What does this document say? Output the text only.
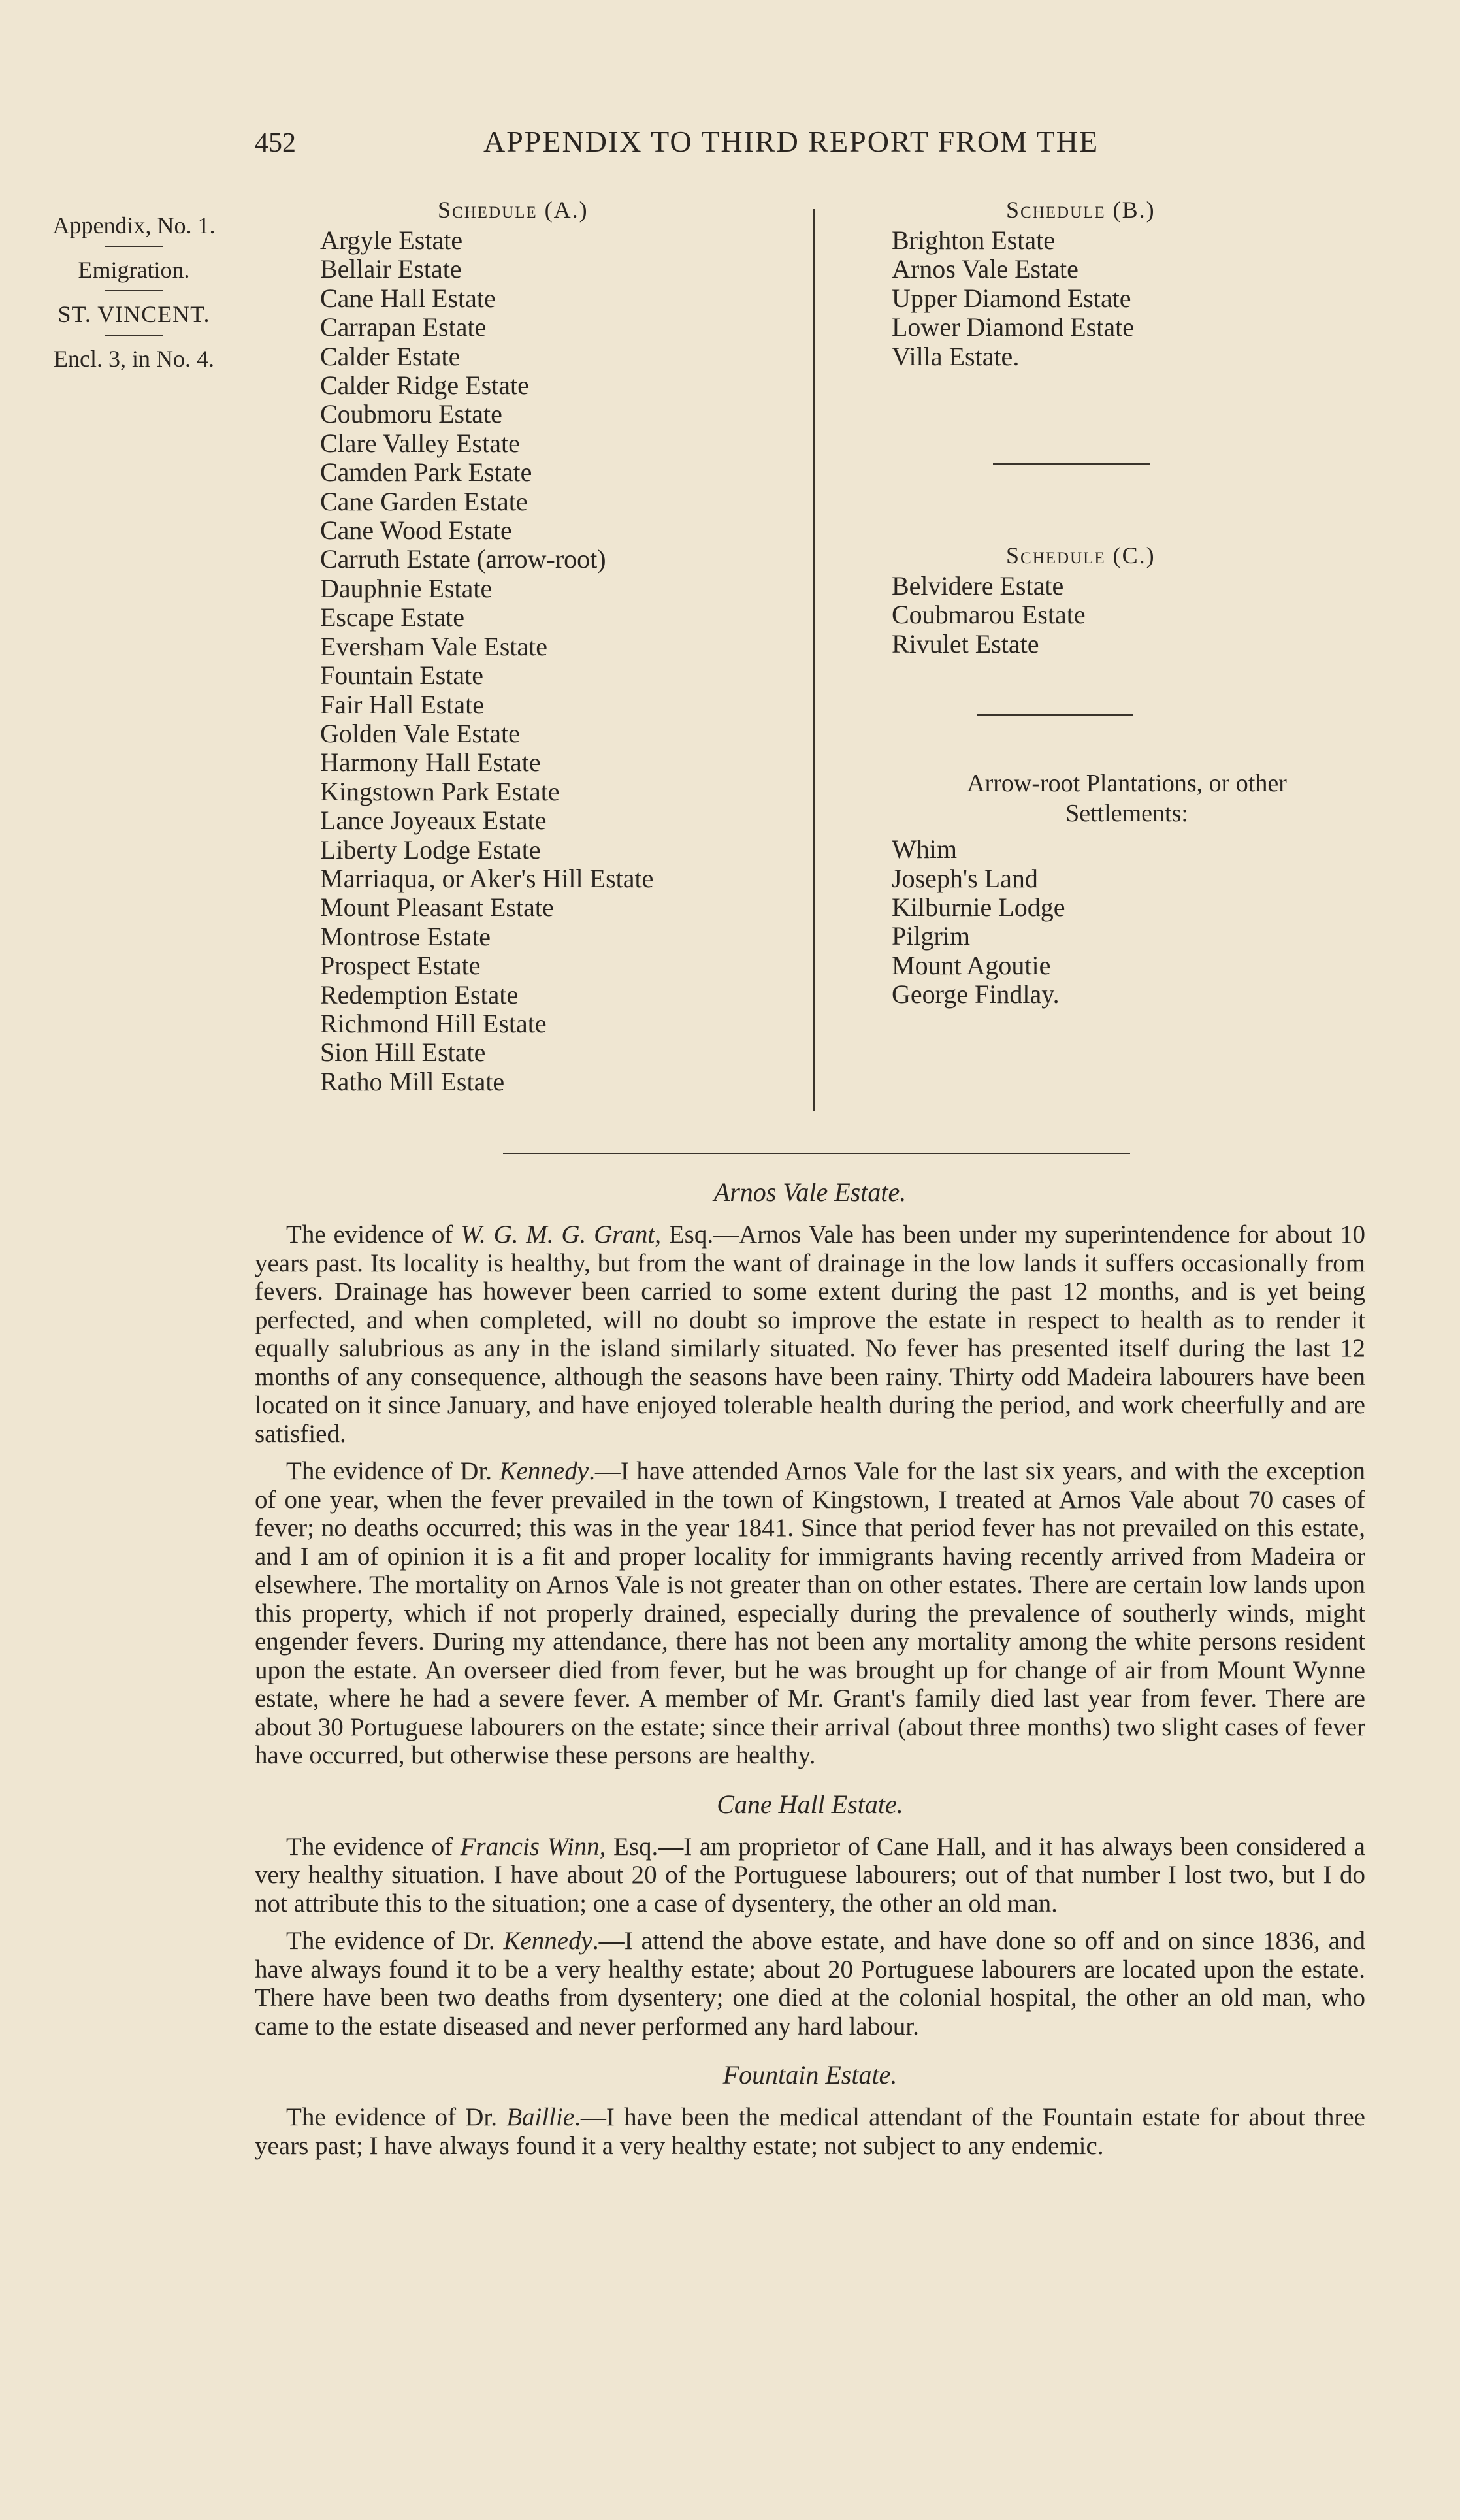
452	APPENDIX TO THIRD REPORT FROM THE
Appendix, No. 1.
Emigration.
ST. VINCENT.
Encl. 3, in No. 4.
Schedule (A.)
Argyle Estate
Bellair Estate
Cane Hall Estate
Carrapan Estate
Calder Estate
Calder Ridge Estate
Coubmoru Estate
Clare Valley Estate
Camden Park Estate
Cane Garden Estate
Cane Wood Estate
Carruth Estate (arrow-root)
Dauphnie Estate
Escape Estate
Eversham Vale Estate
Fountain Estate
Fair Hall Estate
Golden Vale Estate
Harmony Hall Estate
Kingstown Park Estate
Lance Joyeaux Estate
Liberty Lodge Estate
Marriaqua, or Aker's Hill Estate
Mount Pleasant Estate
Montrose Estate
Prospect Estate
Redemption Estate
Richmond Hill Estate
Sion Hill Estate
Ratho Mill Estate
Schedule (B.)
Brighton Estate
Arnos Vale Estate
Upper Diamond Estate
Lower Diamond Estate
Villa Estate.
Schedule (C.)
Belvidere Estate
Coubmarou Estate
Rivulet Estate
Arrow-root Plantations, or other
Settlements:
Whim
Joseph's Land
Kilburnie Lodge
Pilgrim
Mount Agoutie
George Findlay.
Arnos Vale Estate.

The evidence of W. G. M. G. Grant, Esq.—Arnos Vale has been under my superintendence for about 10 years past. Its locality is healthy, but from the want of drainage in the low lands it suffers occasionally from fevers. Drainage has however been carried to some extent during the past 12 months, and is yet being perfected, and when completed, will no doubt so improve the estate in respect to health as to render it equally salubrious as any in the island similarly situated. No fever has presented itself during the last 12 months of any consequence, although the seasons have been rainy. Thirty odd Madeira labourers have been located on it since January, and have enjoyed tolerable health during the period, and work cheerfully and are satisfied.

The evidence of Dr. Kennedy.—I have attended Arnos Vale for the last six years, and with the exception of one year, when the fever prevailed in the town of Kingstown, I treated at Arnos Vale about 70 cases of fever; no deaths occurred; this was in the year 1841. Since that period fever has not prevailed on this estate, and I am of opinion it is a fit and proper locality for immigrants having recently arrived from Madeira or elsewhere. The mortality on Arnos Vale is not greater than on other estates. There are certain low lands upon this property, which if not properly drained, especially during the prevalence of southerly winds, might engender fevers. During my attendance, there has not been any mortality among the white persons resident upon the estate. An overseer died from fever, but he was brought up for change of air from Mount Wynne estate, where he had a severe fever. A member of Mr. Grant's family died last year from fever. There are about 30 Portuguese labourers on the estate; since their arrival (about three months) two slight cases of fever have occurred, but otherwise these persons are healthy.

Cane Hall Estate.

The evidence of Francis Winn, Esq.—I am proprietor of Cane Hall, and it has always been considered a very healthy situation. I have about 20 of the Portuguese labourers; out of that number I lost two, but I do not attribute this to the situation; one a case of dysentery, the other an old man.

The evidence of Dr. Kennedy.—I attend the above estate, and have done so off and on since 1836, and have always found it to be a very healthy estate; about 20 Portuguese labourers are located upon the estate. There have been two deaths from dysentery; one died at the colonial hospital, the other an old man, who came to the estate diseased and never performed any hard labour.

Fountain Estate.

The evidence of Dr. Baillie.—I have been the medical attendant of the Fountain estate for about three years past; I have always found it a very healthy estate; not subject to any endemic.
